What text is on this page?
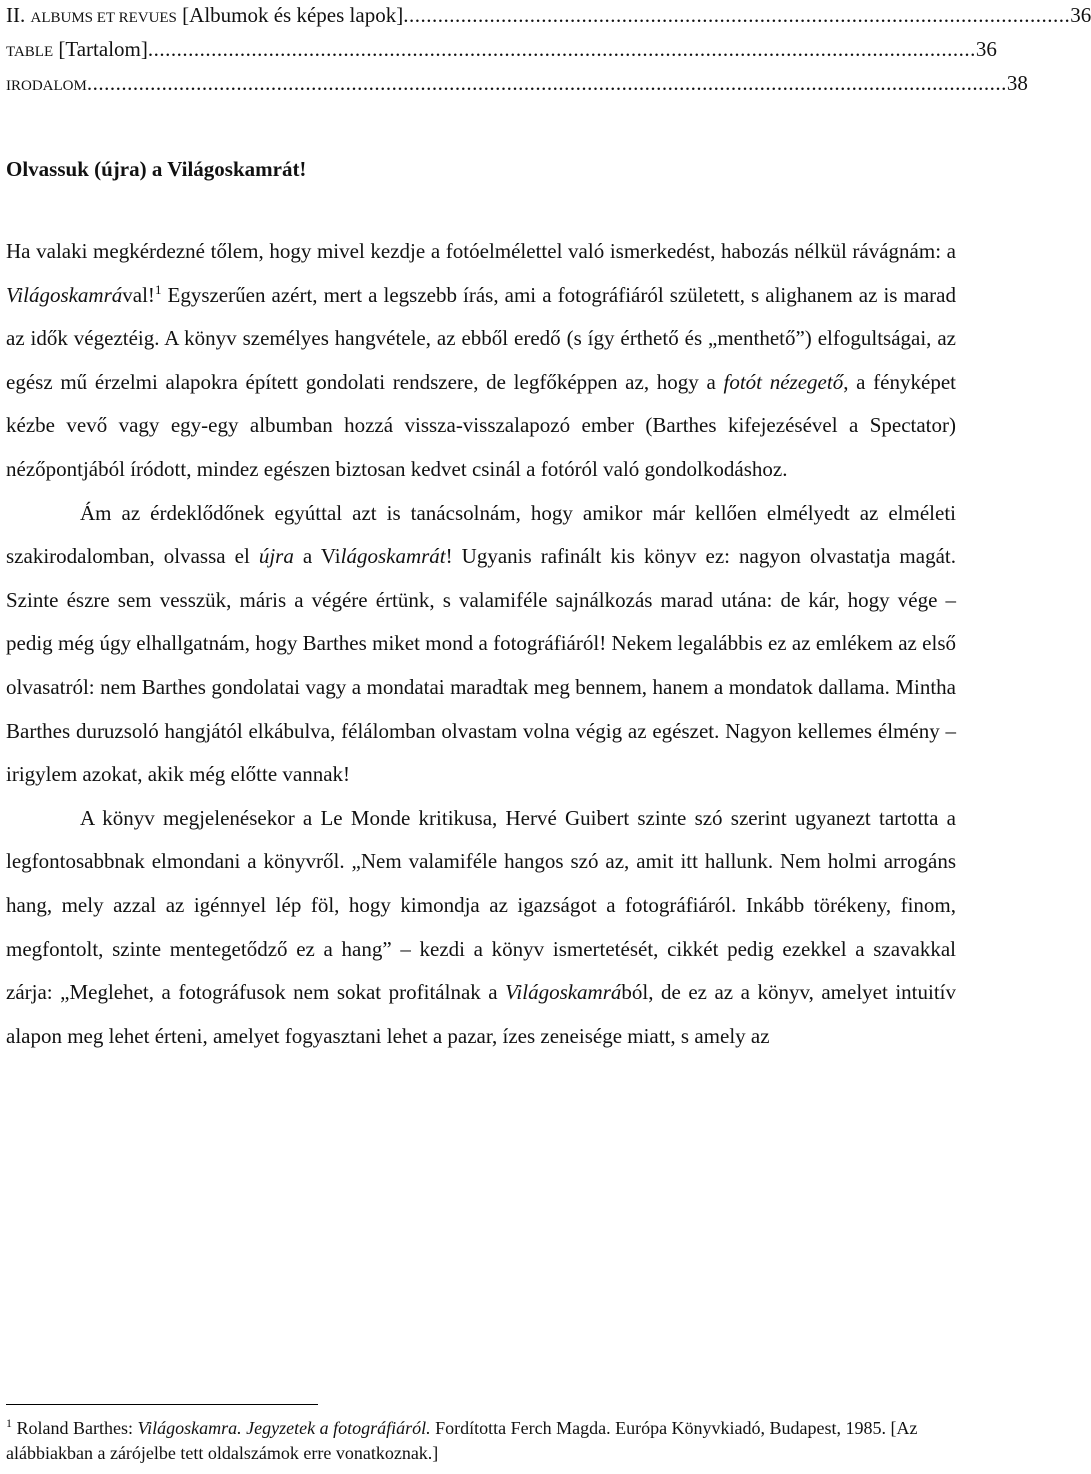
II. ALBUMS ET REVUES [Albumok és képes lapok] .................................................................................................................... 36
TABLE [Tartalom] ................................................................................................................................................ 36
IRODALOM ................................................................................................................................................................ 38
Olvassuk (újra) a Világoskamrát!

Ha valaki megkérdezné tőlem, hogy mivel kezdje a fotóelmélettel való ismerkedést, habozás nélkül rávágnám: a Világoskamrával!$^1$ Egyszerűen azért, mert a legszebb írás, ami a fotográfiáról született, s alighanem az is marad az idők végeztéig. A könyv személyes hangvétele, az ebből eredő (s így érthető és „menthető”) elfogultságai, az egész mű érzelmi alapokra épített gondolati rendszere, de legfőképpen az, hogy a fotót nézegető, a fényképet kézbe vevő vagy egy-egy albumban hozzá vissza-visszalapozó ember (Barthes kifejezésével a Spectator) nézőpontjából íródott, mindez egészen biztosan kedvet csinál a fotóról való gondolkodáshoz.

Ám az érdeklődőnek egyúttal azt is tanácsolnám, hogy amikor már kellően elmélyedt az elméleti szakirodalomban, olvassa el újra a Világoskamrát! Ugyanis rafinált kis könyv ez: nagyon olvastatja magát. Szinte észre sem vesszük, máris a végére értünk, s valamiféle sajnálkozás marad utána: de kár, hogy vége – pedig még úgy elhallgatnám, hogy Barthes miket mond a fotográfiáról! Nekem legalábbis ez az emlékem az első olvasatról: nem Barthes gondolatai vagy a mondatai maradtak meg bennem, hanem a mondatok dallama. Mintha Barthes duruzsoló hangjától elkábulva, félálomban olvastam volna végig az egészet. Nagyon kellemes élmény – irigylem azokat, akik még előtte vannak!

A könyv megjelenésekor a Le Monde kritikusa, Hervé Guibert szinte szó szerint ugyanezt tartotta a legfontosabbnak elmondani a könyvről. „Nem valamiféle hangos szó az, amit itt hallunk. Nem holmi arrogáns hang, mely azzal az igénnyel lép föl, hogy kimondja az igazságot a fotográfiáról. Inkább törékeny, finom, megfontolt, szinte mentegetődző ez a hang” – kezdi a könyv ismertetését, cikkét pedig ezekkel a szavakkal zárja: „Meglehet, a fotográfusok nem sokat profitálnak a Világoskamrából, de ez az a könyv, amelyet intuitív alapon meg lehet érteni, amelyet fogyasztani lehet a pazar, ízes zeneisége miatt, s amely az

$^1$ Roland Barthes: Világoskamra. Jegyzetek a fotográfiáról. Fordította Ferch Magda. Európa Könyvkiadó, Budapest, 1985. [Az alábbiakban a zárójelbe tett oldalszámok erre vonatkoznak.]
